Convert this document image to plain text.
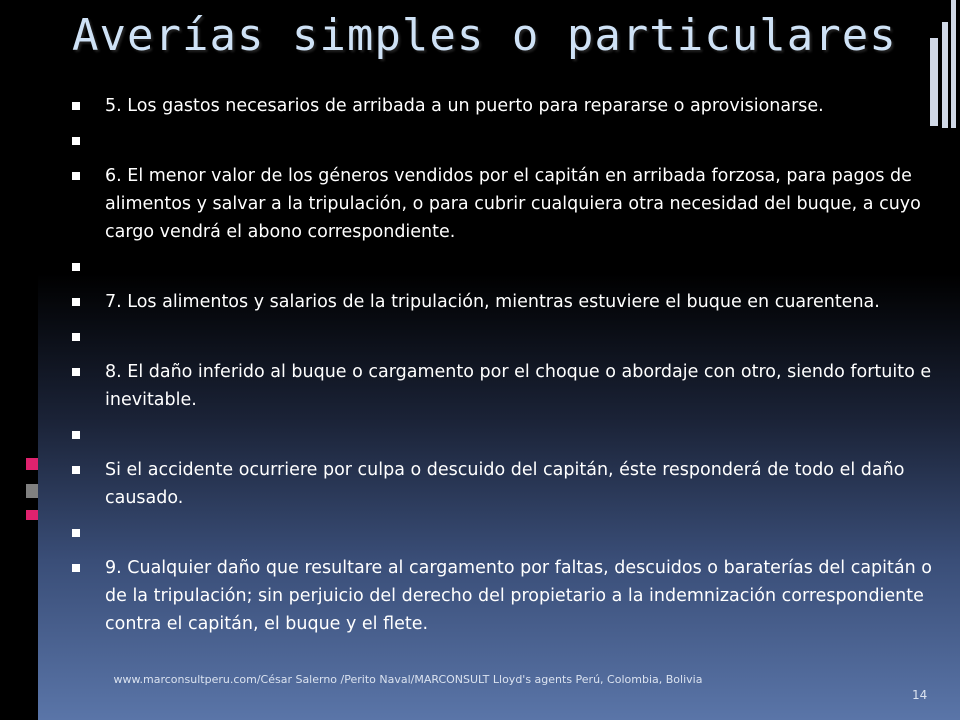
Averías simples o particulares
5. Los gastos necesarios de arribada a un puerto para repararse o aprovisionarse.
6. El menor valor de los géneros vendidos por el capitán en arribada forzosa, para pagos de alimentos y salvar a la tripulación, o para cubrir cualquiera otra necesidad del buque, a cuyo cargo vendrá el abono correspondiente.
7. Los alimentos y salarios de la tripulación, mientras estuviere el buque en cuarentena.
8. El daño inferido al buque o cargamento por el choque o abordaje con otro, siendo fortuito e inevitable.
Si el accidente ocurriere por culpa o descuido del capitán, éste responderá de todo el daño causado.
9. Cualquier daño que resultare al cargamento por faltas, descuidos o baraterías del capitán o de la tripulación; sin perjuicio del derecho del propietario a la indemnización correspondiente contra el capitán, el buque y el flete.
www.marconsultperu.com/César Salerno /Perito Naval/MARCONSULT Lloyd's agents Perú, Colombia, Bolivia
14
